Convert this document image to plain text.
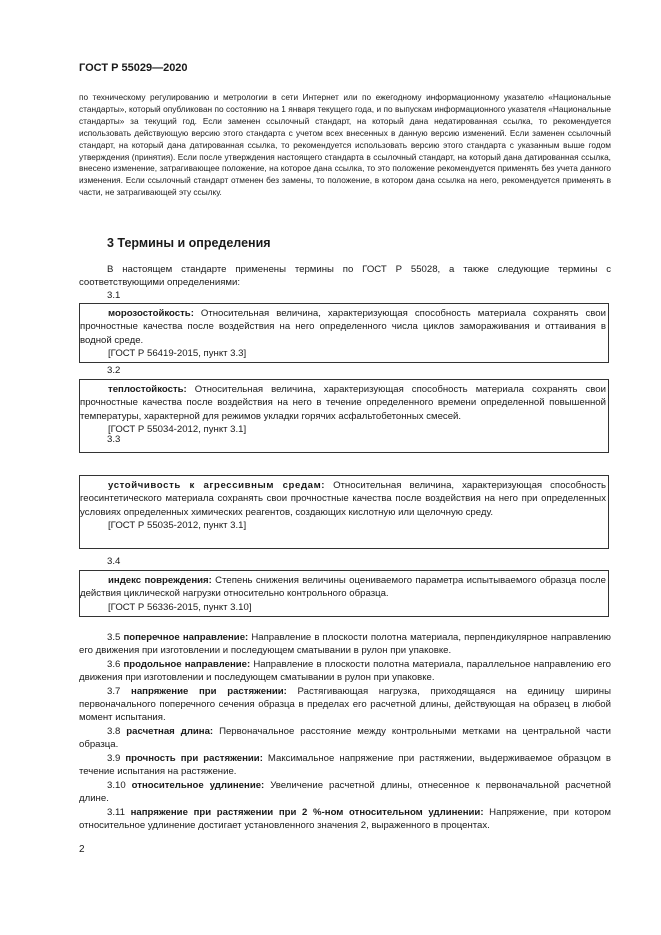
ГОСТ Р 55029—2020

по техническому регулированию и метрологии в сети Интернет или по ежегодному информационному указателю «Национальные стандарты», который опубликован по состоянию на 1 января текущего года, и по выпускам информационного указателя «Национальные стандарты» за текущий год. Если заменен ссылочный стандарт, на который дана недатированная ссылка, то рекомендуется использовать действующую версию этого стандарта с учетом всех внесенных в данную версию изменений. Если заменен ссылочный стандарт, на который дана датированная ссылка, то рекомендуется использовать версию этого стандарта с указанным выше годом утверждения (принятия). Если после утверждения настоящего стандарта в ссылочный стандарт, на который дана датированная ссылка, внесено изменение, затрагивающее положение, на которое дана ссылка, то это положение рекомендуется применять без учета данного изменения. Если ссылочный стандарт отменен без замены, то положение, в котором дана ссылка на него, рекомендуется применять в части, не затрагивающей эту ссылку.

3 Термины и определения

В настоящем стандарте применены термины по ГОСТ Р 55028, а также следующие термины с соответствующими определениями:

3.1

морозостойкость: Относительная величина, характеризующая способность материала сохранять свои прочностные качества после воздействия на него определенного числа циклов замораживания и оттаивания в водной среде.

[ГОСТ Р 56419-2015, пункт 3.3]
3.2

теплостойкость: Относительная величина, характеризующая способность материала сохранять свои прочностные качества после воздействия на него в течение определенного времени определенной повышенной температуры, характерной для режимов укладки горячих асфальтобетонных смесей.

[ГОСТ Р 55034-2012, пункт 3.1]
3.3

устойчивость к агрессивным средам: Относительная величина, характеризующая способность геосинтетического материала сохранять свои прочностные качества после воздействия на него при определенных условиях определенных химических реагентов, создающих кислотную или щелочную среду.

[ГОСТ Р 55035-2012, пункт 3.1]
3.4

индекс повреждения: Степень снижения величины оцениваемого параметра испытываемого образца после действия циклической нагрузки относительно контрольного образца.

[ГОСТ Р 56336-2015, пункт 3.10]

3.5 поперечное направление: Направление в плоскости полотна материала, перпендикулярное направлению его движения при изготовлении и последующем сматывании в рулон при упаковке.

3.6 продольное направление: Направление в плоскости полотна материала, параллельное направлению его движения при изготовлении и последующем сматывании в рулон при упаковке.

3.7 напряжение при растяжении: Растягивающая нагрузка, приходящаяся на единицу ширины первоначального поперечного сечения образца в пределах его расчетной длины, действующая на образец в любой момент испытания.

3.8 расчетная длина: Первоначальное расстояние между контрольными метками на центральной части образца.

3.9 прочность при растяжении: Максимальное напряжение при растяжении, выдерживаемое образцом в течение испытания на растяжение.

3.10 относительное удлинение: Увеличение расчетной длины, отнесенное к первоначальной расчетной длине.

3.11 напряжение при растяжении при 2 %-ном относительном удлинении: Напряжение, при котором относительное удлинение достигает установленного значения 2, выраженного в процентах.

2
